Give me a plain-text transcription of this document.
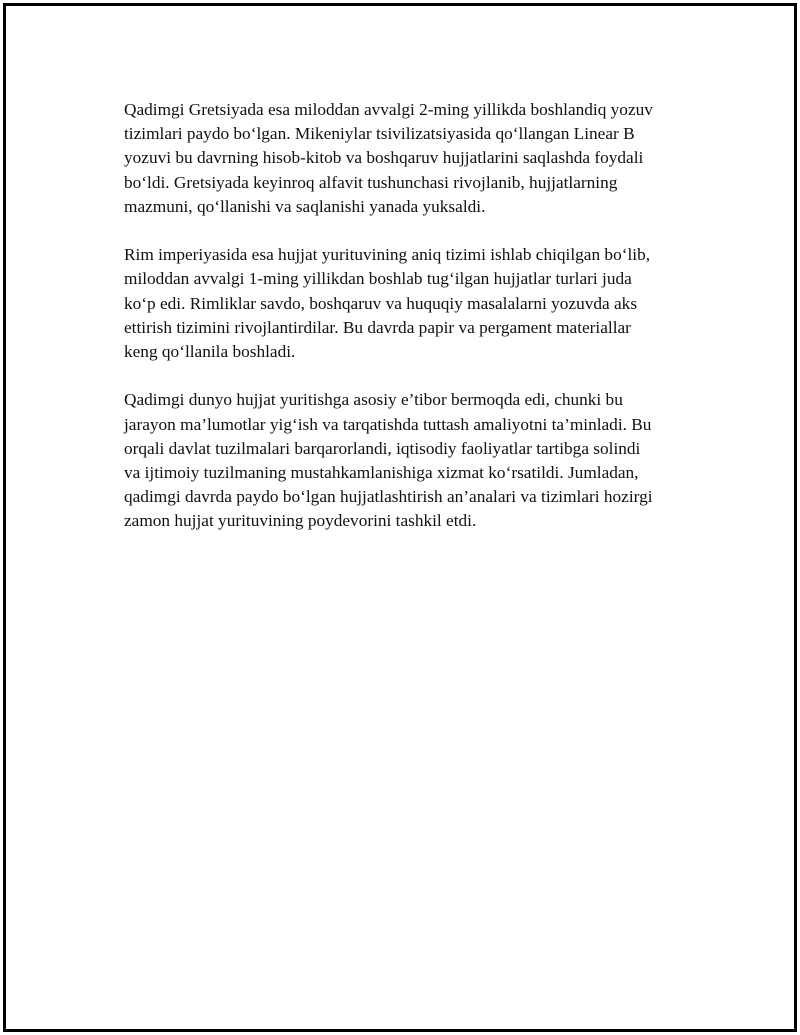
Qadimgi Gretsiyada esa miloddan avvalgi 2-ming yillikda boshlandiq yozuv
tizimlari paydo bo‘lgan. Mikeniylar tsivilizatsiyasida qo‘llangan Linear B
yozuvi bu davrning hisob-kitob va boshqaruv hujjatlarini saqlashda foydali
bo‘ldi. Gretsiyada keyinroq alfavit tushunchasi rivojlanib, hujjatlarning
mazmuni, qo‘llanishi va saqlanishi yanada yuksaldi.

Rim imperiyasida esa hujjat yurituvining aniq tizimi ishlab chiqilgan bo‘lib,
miloddan avvalgi 1-ming yillikdan boshlab tug‘ilgan hujjatlar turlari juda
ko‘p edi. Rimliklar savdo, boshqaruv va huquqiy masalalarni yozuvda aks
ettirish tizimini rivojlantirdilar. Bu davrda papir va pergament materiallar
keng qo‘llanila boshladi.

Qadimgi dunyo hujjat yuritishga asosiy e’tibor bermoqda edi, chunki bu
jarayon ma’lumotlar yig‘ish va tarqatishda tuttash amaliyotni ta’minladi. Bu
orqali davlat tuzilmalari barqarorlandi, iqtisodiy faoliyatlar tartibga solindi
va ijtimoiy tuzilmaning mustahkamlanishiga xizmat ko‘rsatildi. Jumladan,
qadimgi davrda paydo bo‘lgan hujjatlashtirish an’analari va tizimlari hozirgi
zamon hujjat yurituvining poydevorini tashkil etdi.
